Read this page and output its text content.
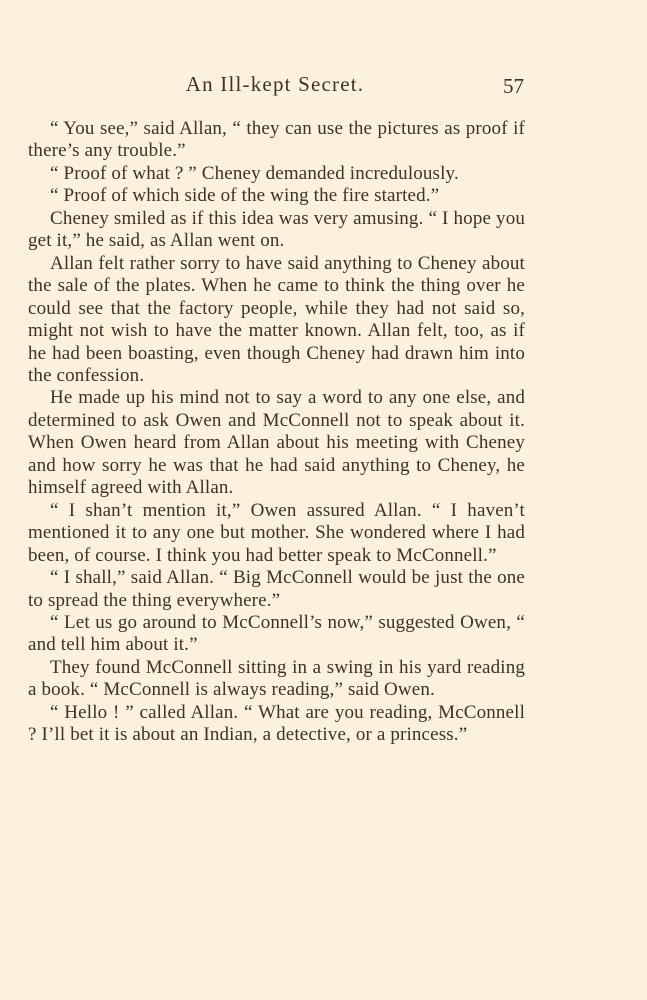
An Ill-kept Secret.	57

“ You see,” said Allan, “ they can use the pictures as proof if there’s any trouble.”

“ Proof of what ? ” Cheney demanded incredulously.

“ Proof of which side of the wing the fire started.”

Cheney smiled as if this idea was very amusing. “ I hope you get it,” he said, as Allan went on.

Allan felt rather sorry to have said anything to Cheney about the sale of the plates. When he came to think the thing over he could see that the factory people, while they had not said so, might not wish to have the matter known. Allan felt, too, as if he had been boasting, even though Cheney had drawn him into the confession.

He made up his mind not to say a word to any one else, and determined to ask Owen and McConnell not to speak about it. When Owen heard from Allan about his meeting with Cheney and how sorry he was that he had said anything to Cheney, he himself agreed with Allan.

“ I shan’t mention it,” Owen assured Allan. “ I haven’t mentioned it to any one but mother. She wondered where I had been, of course. I think you had better speak to McConnell.”

“ I shall,” said Allan. “ Big McConnell would be just the one to spread the thing everywhere.”

“ Let us go around to McConnell’s now,” suggested Owen, “ and tell him about it.”

They found McConnell sitting in a swing in his yard reading a book. “ McConnell is always reading,” said Owen.

“ Hello ! ” called Allan. “ What are you reading, McConnell ? I’ll bet it is about an Indian, a detective, or a princess.”
